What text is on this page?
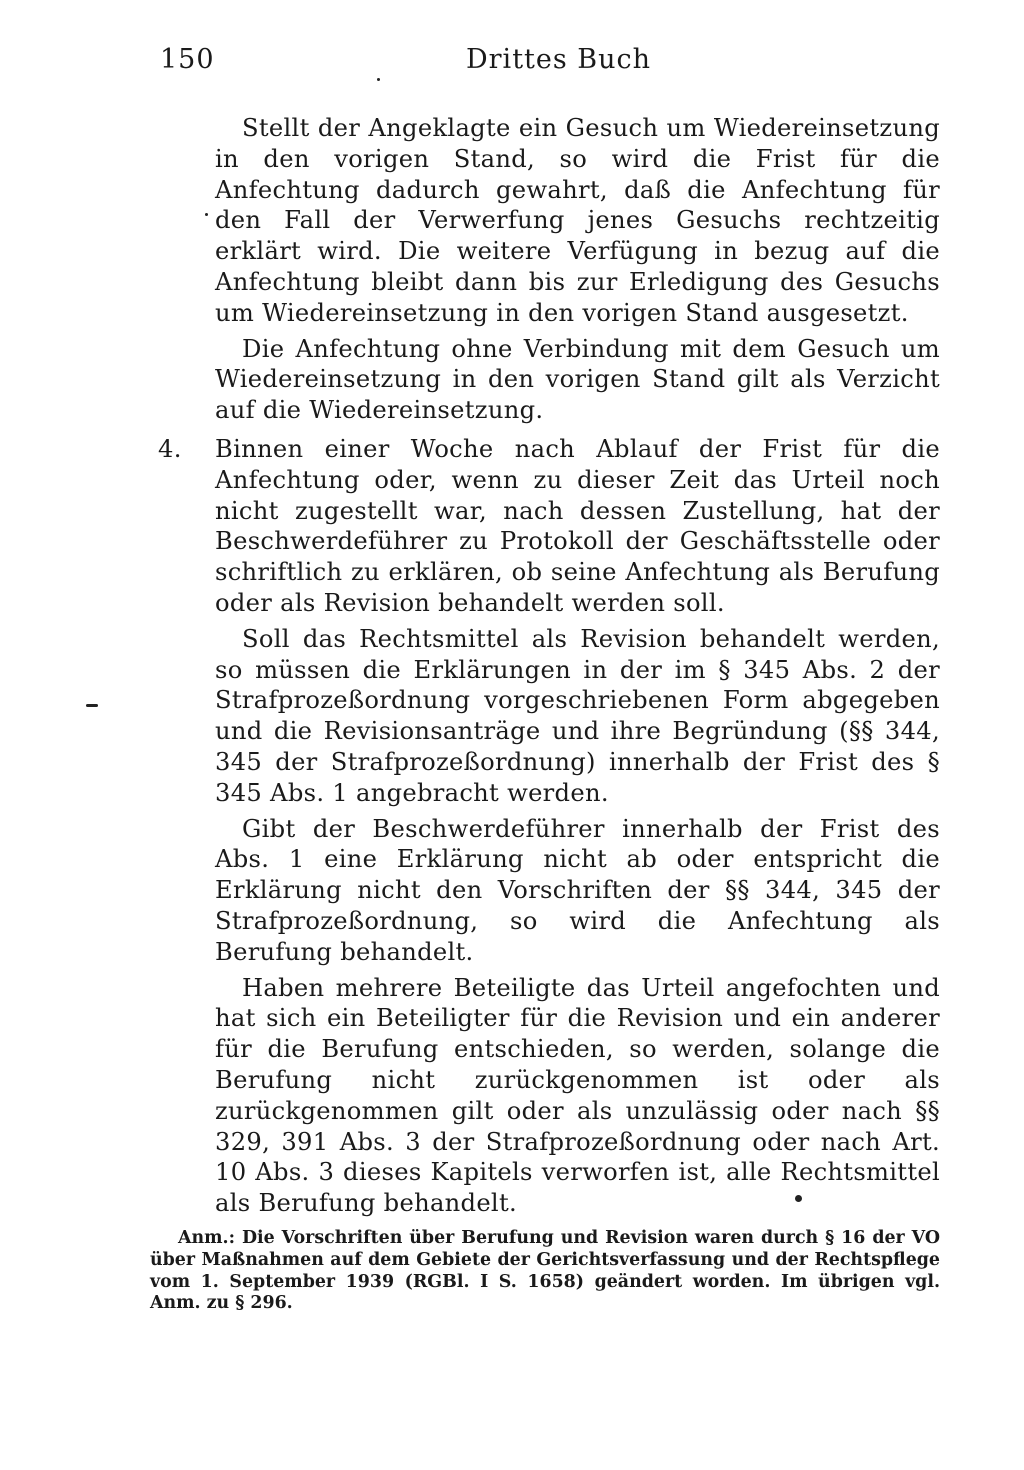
150	Drittes Buch

Stellt der Angeklagte ein Gesuch um Wiedereinsetzung in den vorigen Stand, so wird die Frist für die Anfechtung dadurch gewahrt, daß die Anfechtung für den Fall der Verwerfung jenes Gesuchs rechtzeitig erklärt wird. Die weitere Verfügung in bezug auf die Anfechtung bleibt dann bis zur Erledigung des Gesuchs um Wiedereinsetzung in den vorigen Stand ausgesetzt.

Die Anfechtung ohne Verbindung mit dem Gesuch um Wiedereinsetzung in den vorigen Stand gilt als Verzicht auf die Wiedereinsetzung.

4. Binnen einer Woche nach Ablauf der Frist für die Anfechtung oder, wenn zu dieser Zeit das Urteil noch nicht zugestellt war, nach dessen Zustellung, hat der Beschwerdeführer zu Protokoll der Geschäftsstelle oder schriftlich zu erklären, ob seine Anfechtung als Berufung oder als Revision behandelt werden soll.

Soll das Rechtsmittel als Revision behandelt werden, so müssen die Erklärungen in der im § 345 Abs. 2 der Strafprozeßordnung vorgeschriebenen Form abgegeben und die Revisionsanträge und ihre Begründung (§§ 344, 345 der Strafprozeßordnung) innerhalb der Frist des § 345 Abs. 1 angebracht werden.

Gibt der Beschwerdeführer innerhalb der Frist des Abs. 1 eine Erklärung nicht ab oder entspricht die Erklärung nicht den Vorschriften der §§ 344, 345 der Strafprozeßordnung, so wird die Anfechtung als Berufung behandelt.

Haben mehrere Beteiligte das Urteil angefochten und hat sich ein Beteiligter für die Revision und ein anderer für die Berufung entschieden, so werden, solange die Berufung nicht zurückgenommen ist oder als zurückgenommen gilt oder als unzulässig oder nach §§ 329, 391 Abs. 3 der Strafprozeßordnung oder nach Art. 10 Abs. 3 dieses Kapitels verworfen ist, alle Rechtsmittel als Berufung behandelt.

Anm.: Die Vorschriften über Berufung und Revision waren durch § 16 der VO über Maßnahmen auf dem Gebiete der Gerichtsverfassung und der Rechtspflege vom 1. September 1939 (RGBl. I S. 1658) geändert worden. Im übrigen vgl. Anm. zu § 296.
